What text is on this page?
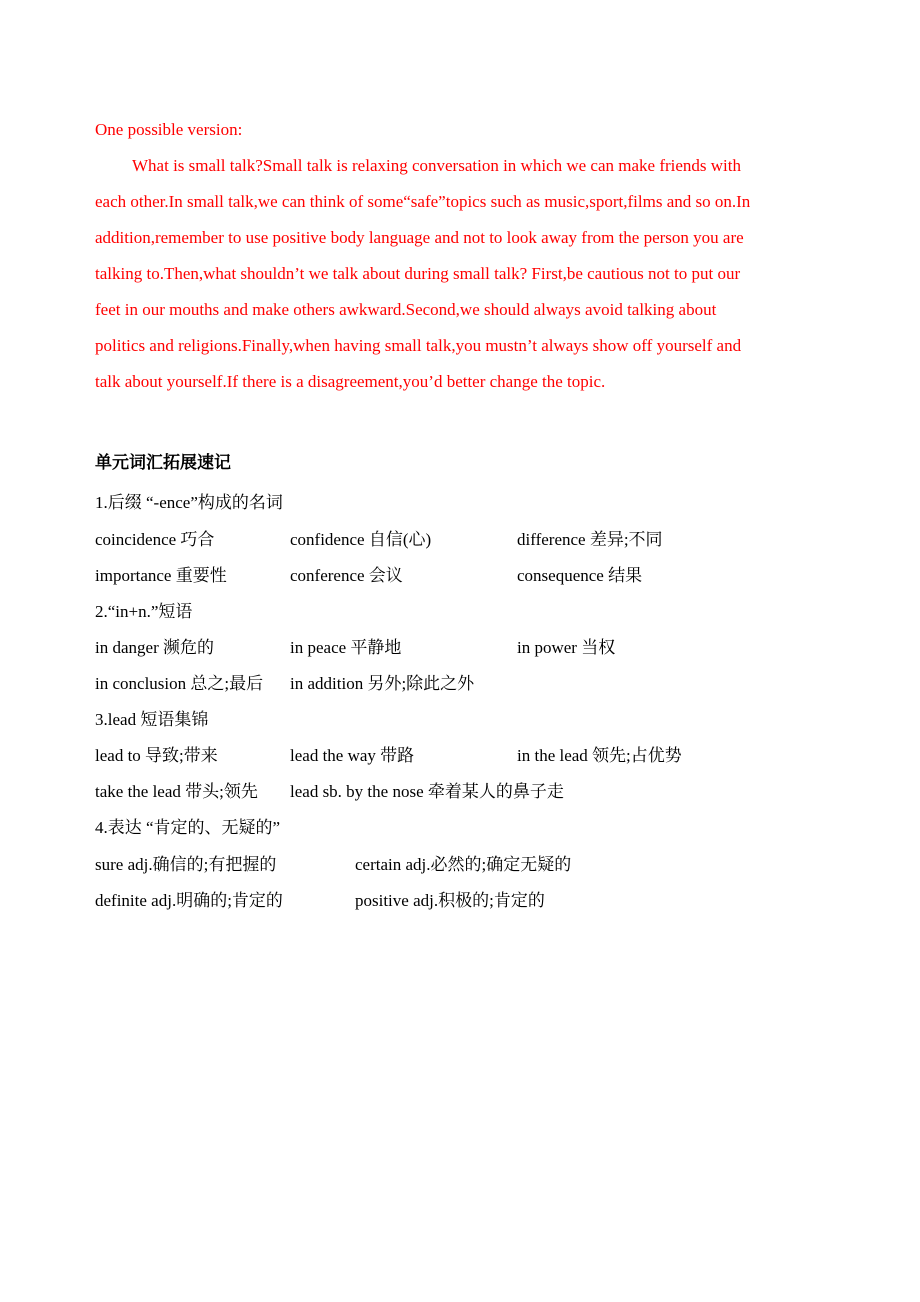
One possible version:
What is small talk?Small talk is relaxing conversation in which we can make friends with
each other.In small talk,we can think of some“safe”topics such as music,sport,films and so on.In
addition,remember to use positive body language and not to look away from the person you are
talking to.Then,what shouldn’t we talk about during small talk? First,be cautious not to put our
feet in our mouths and make others awkward.Second,we should always avoid talking about
politics and religions.Finally,when having small talk,you mustn’t always show off yourself and
talk about yourself.If there is a disagreement,you’d better change the topic.
单元词汇拓展速记
1.后缀 “-ence”构成的名词
coincidence 巧合	confidence 自信(心)	difference 差异;不同
importance 重要性	conference 会议	consequence 结果
2.“in+n.”短语
in danger 濒危的	in peace 平静地	in power 当权
in conclusion 总之;最后 in addition 另外;除此之外
3.lead 短语集锦
lead to 导致;带来	lead the way 带路	in the lead 领先;占优势
take the lead 带头;领先 lead sb. by the nose 牵着某人的鼻子走
4.表达 “肯定的、无疑的”
sure adj.确信的;有把握的	certain adj.必然的;确定无疑的
definite adj.明确的;肯定的	positive adj.积极的;肯定的
